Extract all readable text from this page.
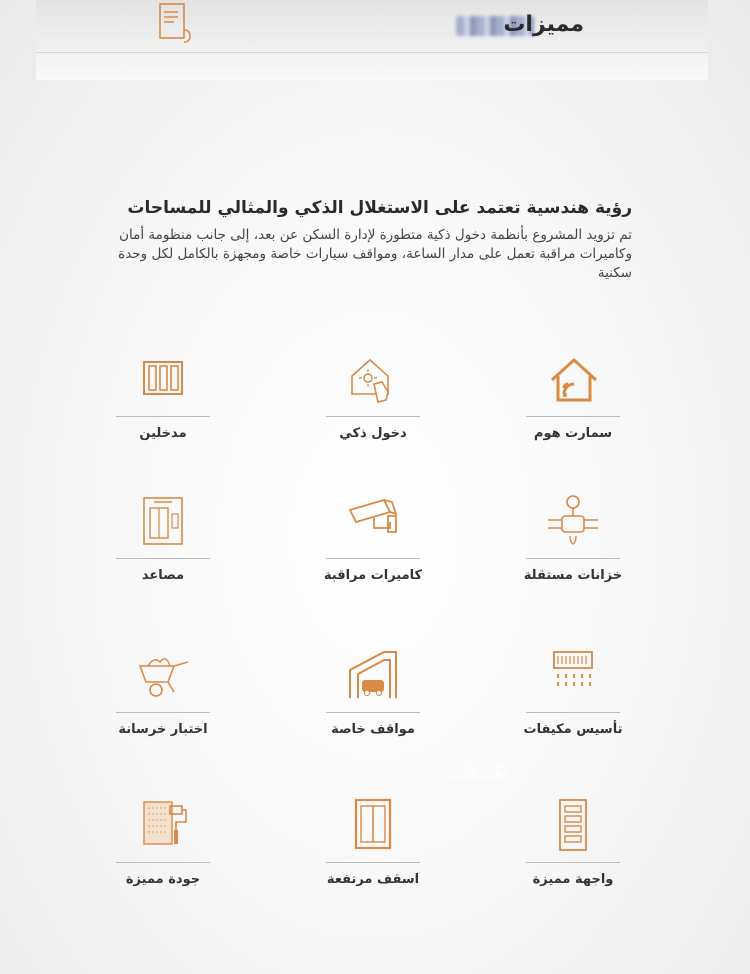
مميزات

رؤية هندسية تعتمد على الاستغلال الذكي والمثالي للمساحات

تم تزويد المشروع بأنظمة دخول ذكية متطورة لإدارة السكن عن بعد، إلى جانب منظومة أمان وكاميرات مراقبة تعمل على مدار الساعة، ومواقف سيارات خاصة ومجهزة بالكامل لكل وحدة سكنية

سمارت هوم
دخول ذكي
مدخلين
خزانات مستقلة
كاميرات مراقبة
مصاعد
تأسيس مكيفات
مواقف خاصة
اختبار خرسانة
واجهة مميزة
اسقف مرتفعة
جودة مميزة
عـقـ
